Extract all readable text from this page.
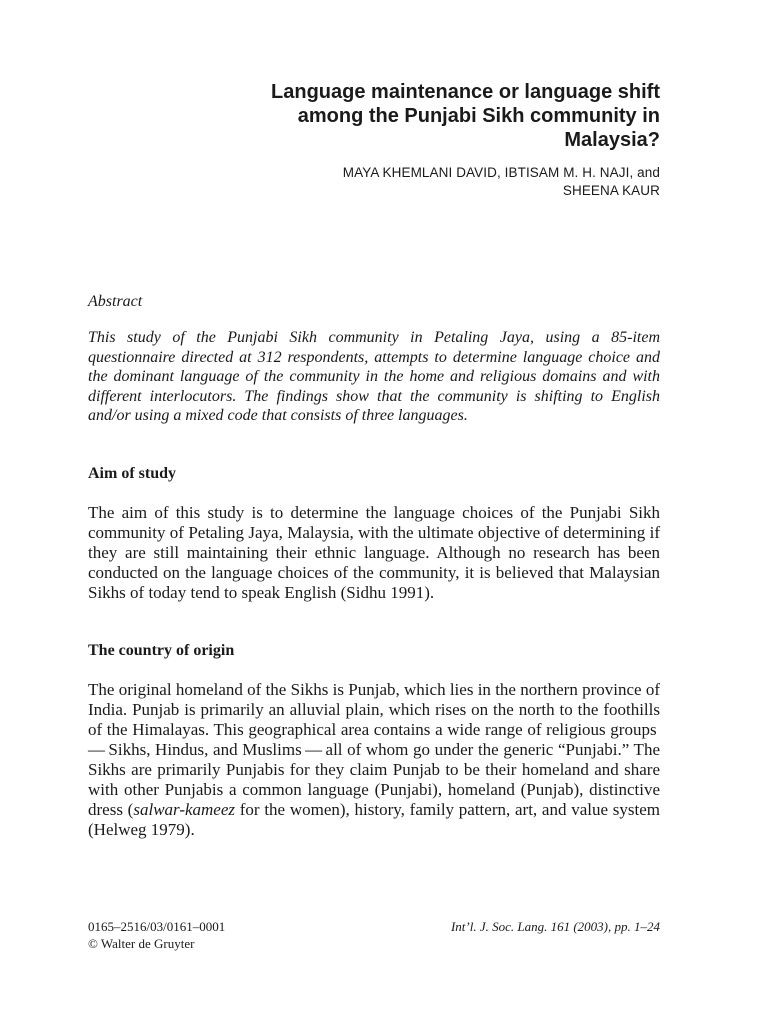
Language maintenance or language shift
among the Punjabi Sikh community in
Malaysia?
MAYA KHEMLANI DAVID, IBTISAM M. H. NAJI, and
SHEENA KAUR
Abstract

This study of the Punjabi Sikh community in Petaling Jaya, using a 85-item questionnaire directed at 312 respondents, attempts to determine language choice and the dominant language of the community in the home and religious domains and with different interlocutors. The findings show that the community is shifting to English and/or using a mixed code that consists of three languages.

Aim of study

The aim of this study is to determine the language choices of the Punjabi Sikh community of Petaling Jaya, Malaysia, with the ultimate objective of determining if they are still maintaining their ethnic language. Although no research has been conducted on the language choices of the community, it is believed that Malaysian Sikhs of today tend to speak English (Sidhu 1991).

The country of origin

The original homeland of the Sikhs is Punjab, which lies in the northern province of India. Punjab is primarily an alluvial plain, which rises on the north to the foothills of the Himalayas. This geographical area contains a wide range of religious groups — Sikhs, Hindus, and Muslims — all of whom go under the generic “Punjabi.” The Sikhs are primarily Punjabis for they claim Punjab to be their homeland and share with other Punjabis a common language (Punjabi), homeland (Punjab), distinctive dress (salwar-kameez for the women), history, family pattern, art, and value system (Helweg 1979).

0165–2516/03/0161–0001
© Walter de Gruyter
Int’l. J. Soc. Lang. 161 (2003), pp. 1–24
